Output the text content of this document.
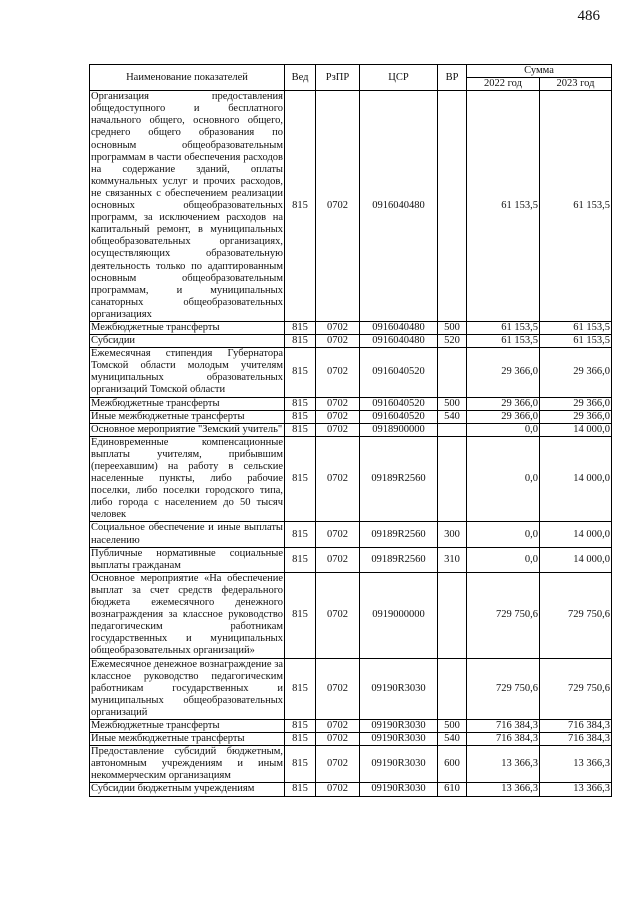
486
Наименование показателей	Вед	РзПР	ЦСР	ВР	Сумма	
					2022 год	2023 год
Организация предоставления общедоступного и бесплатного начального общего, основного общего, среднего общего образования по основным общеобразовательным программам в части обеспечения расходов на содержание зданий, оплаты коммунальных услуг и прочих расходов, не связанных с обеспечением реализации основных общеобразовательных программ, за исключением расходов на капитальный ремонт, в муниципальных общеобразовательных организациях, осуществляющих образовательную деятельность только по адаптированным основным общеобразовательным программам, и муниципальных санаторных общеобразовательных организациях	815	0702	0916040480		61 153,5	61 153,5
Межбюджетные трансферты	815	0702	0916040480	500	61 153,5	61 153,5
Субсидии	815	0702	0916040480	520	61 153,5	61 153,5
Ежемесячная стипендия Губернатора Томской области молодым учителям муниципальных образовательных организаций Томской области	815	0702	0916040520		29 366,0	29 366,0
Межбюджетные трансферты	815	0702	0916040520	500	29 366,0	29 366,0
Иные межбюджетные трансферты	815	0702	0916040520	540	29 366,0	29 366,0
Основное мероприятие "Земский учитель"	815	0702	0918900000		0,0	14 000,0
Единовременные компенсационные выплаты учителям, прибывшим (переехавшим) на работу в сельские населенные пункты, либо рабочие поселки, либо поселки городского типа, либо города с населением до 50 тысяч человек	815	0702	09189R2560		0,0	14 000,0
Социальное обеспечение и иные выплаты населению	815	0702	09189R2560	300	0,0	14 000,0
Публичные нормативные социальные выплаты гражданам	815	0702	09189R2560	310	0,0	14 000,0
Основное мероприятие «На обеспечение выплат за счет средств федерального бюджета ежемесячного денежного вознаграждения за классное руководство педагогическим работникам государственных и муниципальных общеобразовательных организаций»	815	0702	0919000000		729 750,6	729 750,6
Ежемесячное денежное вознаграждение за классное руководство педагогическим работникам государственных и муниципальных общеобразовательных организаций	815	0702	09190R3030		729 750,6	729 750,6
Межбюджетные трансферты	815	0702	09190R3030	500	716 384,3	716 384,3
Иные межбюджетные трансферты	815	0702	09190R3030	540	716 384,3	716 384,3
Предоставление субсидий бюджетным, автономным учреждениям и иным некоммерческим организациям	815	0702	09190R3030	600	13 366,3	13 366,3
Субсидии бюджетным учреждениям	815	0702	09190R3030	610	13 366,3	13 366,3
